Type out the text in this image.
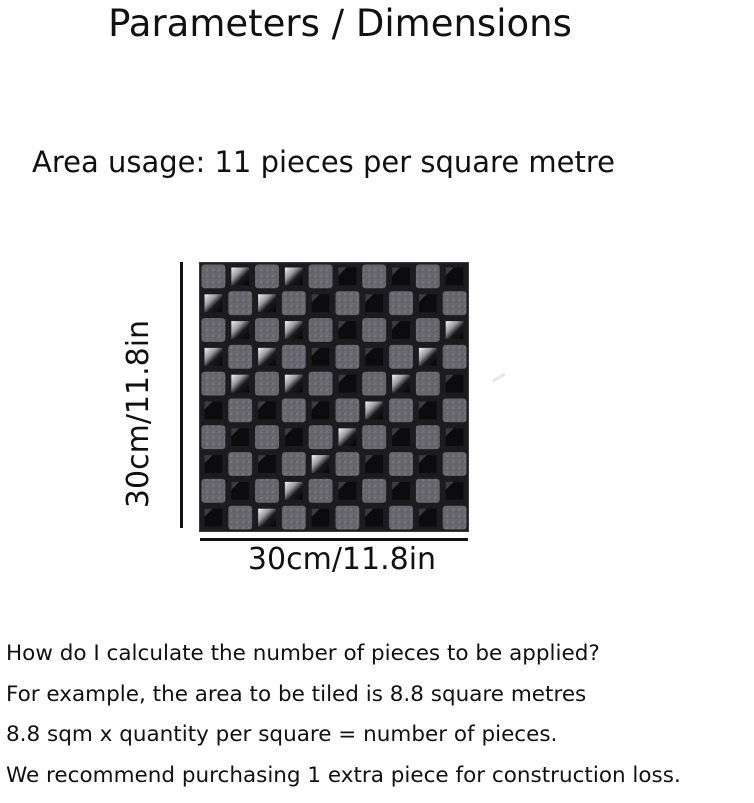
Parameters / Dimensions
Area usage: 11 pieces per square metre
30cm/11.8in
30cm/11.8in
How do I calculate the number of pieces to be applied?
For example, the area to be tiled is 8.8 square metres
8.8 sqm x quantity per square = number of pieces.
We recommend purchasing 1 extra piece for construction loss.
